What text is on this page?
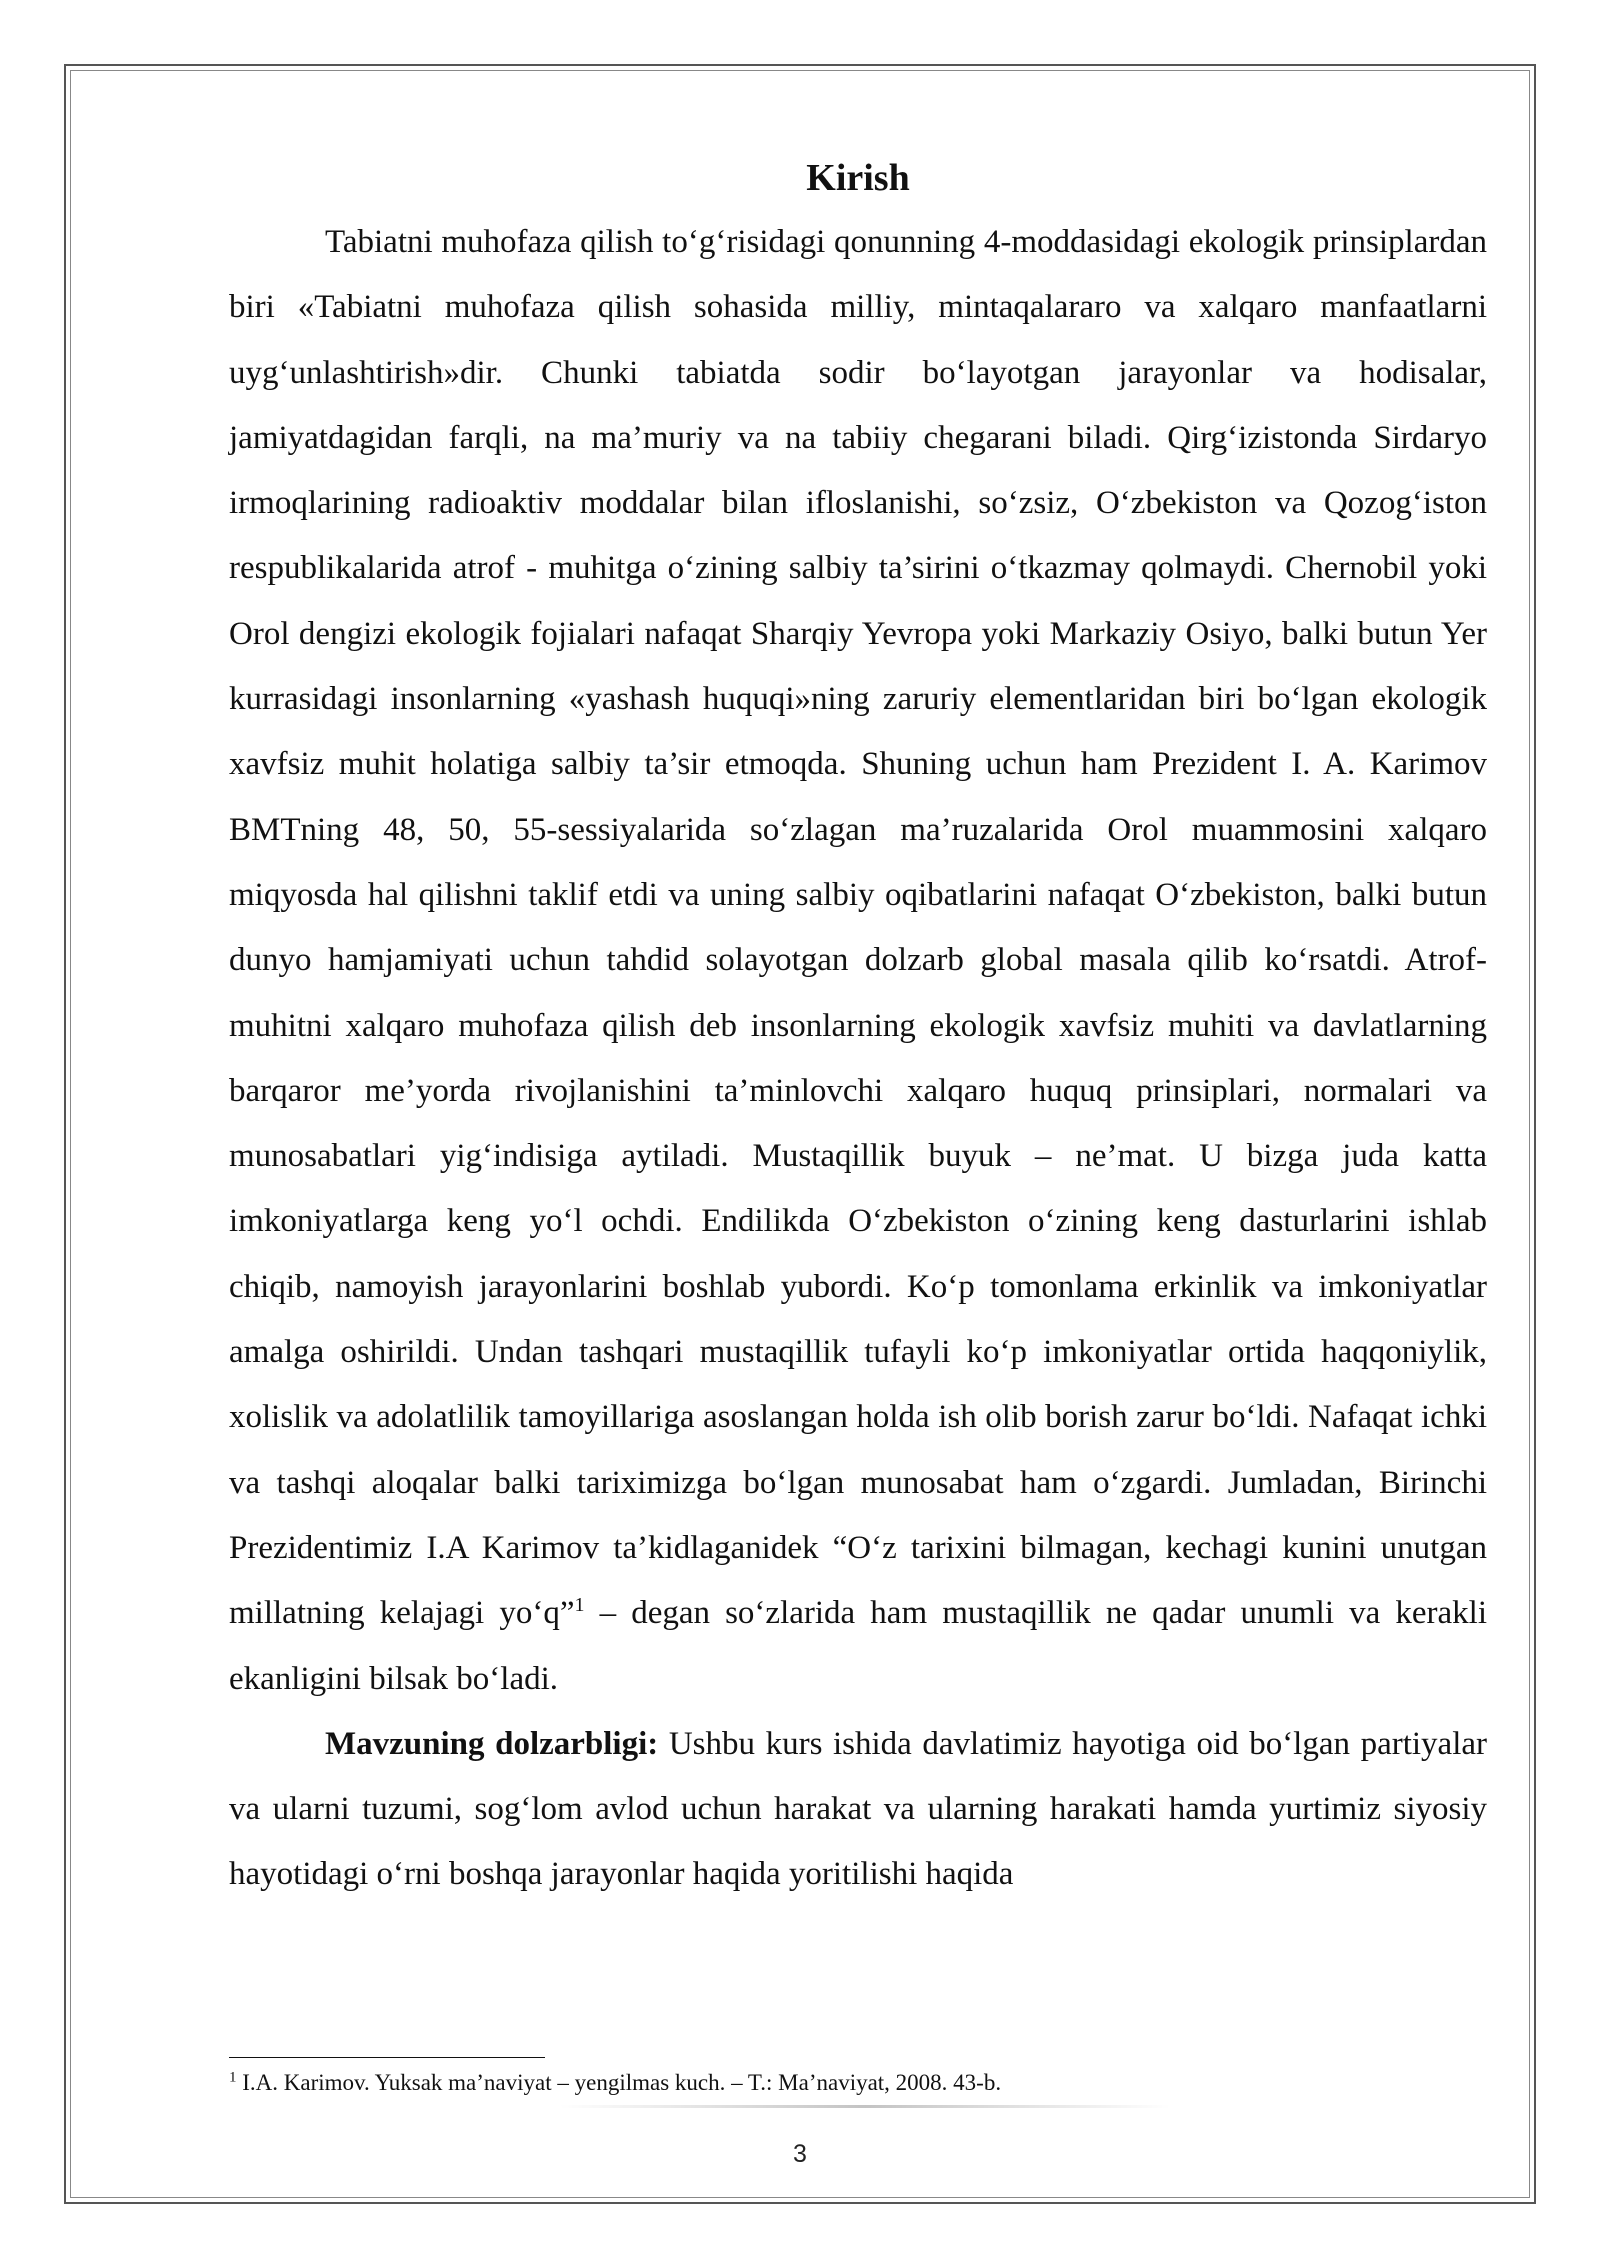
Kirish

Tabiatni muhofaza qilish to‘g‘risidagi qonunning 4-moddasidagi ekologik prinsiplardan biri «Tabiatni muhofaza qilish sohasida milliy, mintaqalararo va xalqaro manfaatlarni uyg‘unlashtirish»dir. Chunki tabiatda sodir bo‘layotgan jarayonlar va hodisalar, jamiyatdagidan farqli, na ma’muriy va na tabiiy chegarani biladi. Qirg‘izistonda Sirdaryo irmoqlarining radioaktiv moddalar bilan ifloslanishi, so‘zsiz, O‘zbekiston va Qozog‘iston respublikalarida atrof - muhitga o‘zining salbiy ta’sirini o‘tkazmay qolmaydi. Chernobil yoki Orol dengizi ekologik fojialari nafaqat Sharqiy Yevropa yoki Markaziy Osiyo, balki butun Yer kurrasidagi insonlarning «yashash huquqi»ning zaruriy elementlaridan biri bo‘lgan ekologik xavfsiz muhit holatiga salbiy ta’sir etmoqda. Shuning uchun ham Prezident I. A. Karimov BMTning 48, 50, 55-sessiyalarida so‘zlagan ma’ruzalarida Orol muammosini xalqaro miqyosda hal qilishni taklif etdi va uning salbiy oqibatlarini nafaqat O‘zbekiston, balki butun dunyo hamjamiyati uchun tahdid solayotgan dolzarb global masala qilib ko‘rsatdi. Atrof-muhitni xalqaro muhofaza qilish deb insonlarning ekologik xavfsiz muhiti va davlatlarning barqaror me’yorda rivojlanishini ta’minlovchi xalqaro huquq prinsiplari, normalari va munosabatlari yig‘indisiga aytiladi. Mustaqillik buyuk – ne’mat. U bizga juda katta imkoniyatlarga keng yo‘l ochdi. Endilikda O‘zbekiston o‘zining keng dasturlarini ishlab chiqib, namoyish jarayonlarini boshlab yubordi. Ko‘p tomonlama erkinlik va imkoniyatlar amalga oshirildi. Undan tashqari mustaqillik tufayli ko‘p imkoniyatlar ortida haqqoniylik, xolislik va adolatlilik tamoyillariga asoslangan holda ish olib borish zarur bo‘ldi. Nafaqat ichki va tashqi aloqalar balki tariximizga bo‘lgan munosabat ham o‘zgardi. Jumladan, Birinchi Prezidentimiz I.A Karimov ta’kidlaganidek “O‘z tarixini bilmagan, kechagi kunini unutgan millatning kelajagi yo‘q”$^1$ – degan so‘zlarida ham mustaqillik ne qadar unumli va kerakli ekanligini bilsak bo‘ladi.

Mavzuning dolzarbligi: Ushbu kurs ishida davlatimiz hayotiga oid bo‘lgan partiyalar va ularni tuzumi, sog‘lom avlod uchun harakat va ularning harakati hamda yurtimiz siyosiy hayotidagi o‘rni boshqa jarayonlar haqida yoritilishi haqida

$^1$ I.A. Karimov. Yuksak ma’naviyat – yengilmas kuch. – T.: Ma’naviyat, 2008. 43-b.
3
